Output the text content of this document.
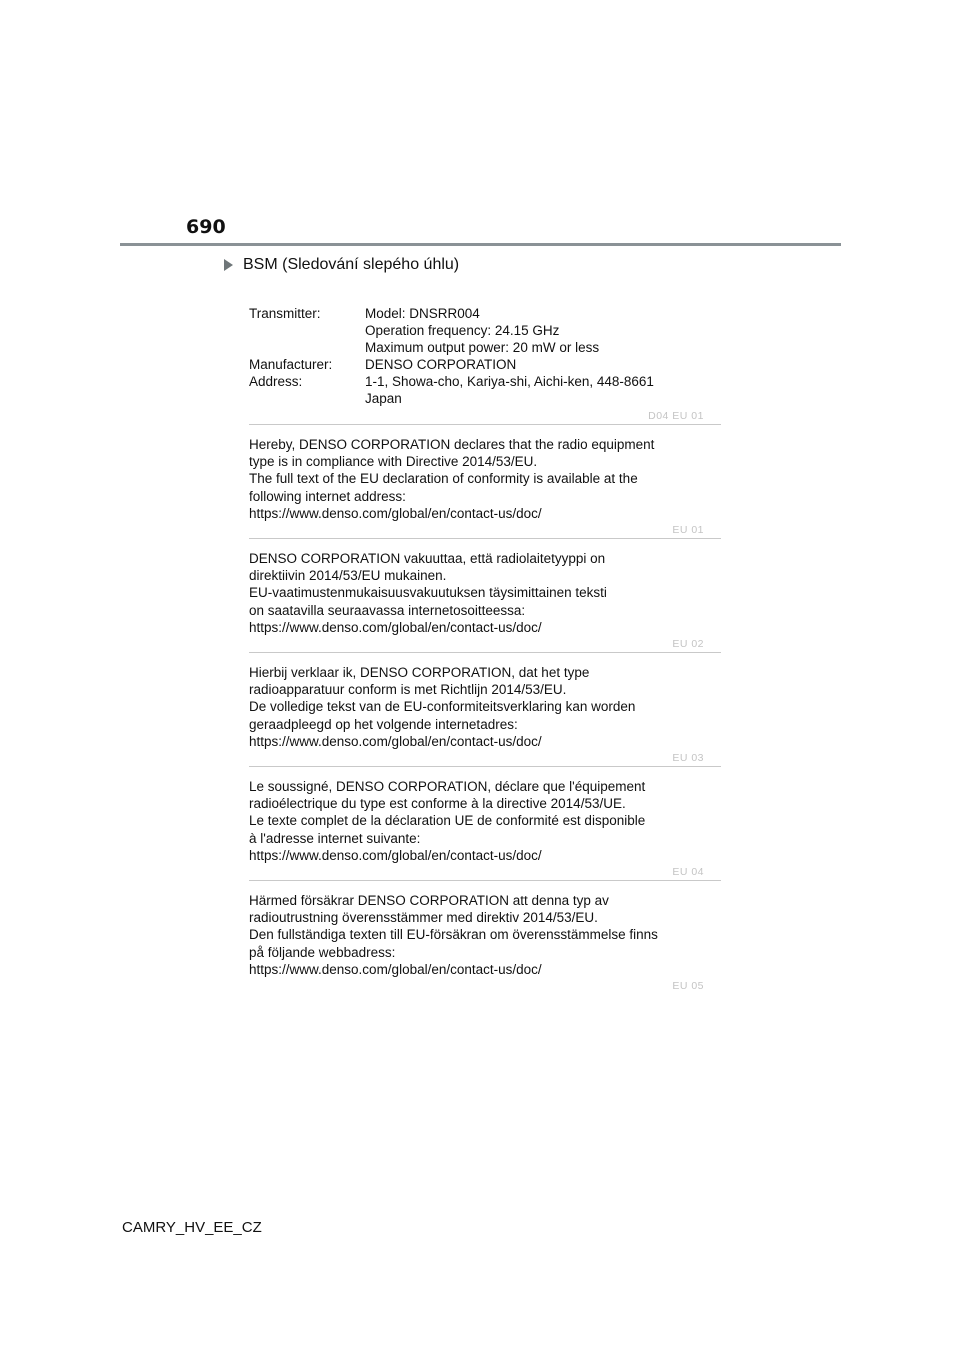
690
BSM (Sledování slepého úhlu)
Transmitter:	Model: DNSRR004
Operation frequency: 24.15 GHz
Maximum output power: 20 mW or less
Manufacturer:	DENSO CORPORATION
Address:	1-1, Showa-cho, Kariya-shi, Aichi-ken, 448-8661
Japan
D04 EU 01

Hereby, DENSO CORPORATION declares that the radio equipment

type is in compliance with Directive 2014/53/EU.

The full text of the EU declaration of conformity is available at the

following internet address:

https://www.denso.com/global/en/contact-us/doc/

EU 01

DENSO CORPORATION vakuuttaa, että radiolaitetyyppi on

direktiivin 2014/53/EU mukainen.

EU-vaatimustenmukaisuusvakuutuksen täysimittainen teksti

on saatavilla seuraavassa internetosoitteessa:

https://www.denso.com/global/en/contact-us/doc/

EU 02

Hierbij verklaar ik, DENSO CORPORATION, dat het type

radioapparatuur conform is met Richtlijn 2014/53/EU.

De volledige tekst van de EU-conformiteitsverklaring kan worden

geraadpleegd op het volgende internetadres:

https://www.denso.com/global/en/contact-us/doc/

EU 03

Le soussigné, DENSO CORPORATION, déclare que l'équipement

radioélectrique du type est conforme à la directive 2014/53/UE.

Le texte complet de la déclaration UE de conformité est disponible

à l'adresse internet suivante:

https://www.denso.com/global/en/contact-us/doc/

EU 04

Härmed försäkrar DENSO CORPORATION att denna typ av

radioutrustning överensstämmer med direktiv 2014/53/EU.

Den fullständiga texten till EU-försäkran om överensstämmelse finns

på följande webbadress:

https://www.denso.com/global/en/contact-us/doc/

EU 05
CAMRY_HV_EE_CZ
